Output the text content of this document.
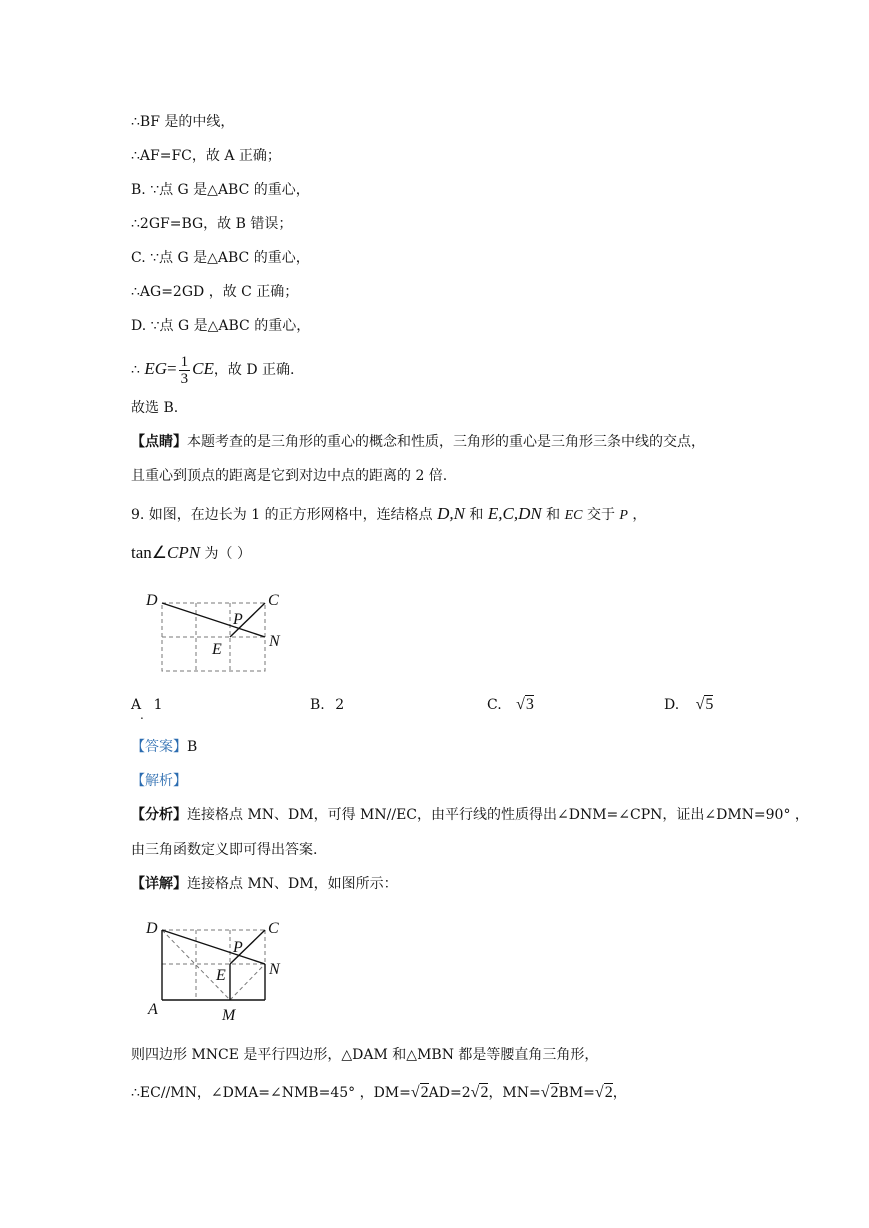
∴BF 是的中线，
∴AF=FC，故 A 正确；
B. ∵点 G 是△ABC 的重心，
∴2GF=BG，故 B 错误；
C. ∵点 G 是△ABC 的重心，
∴AG=2GD ，故 C 正确；
D. ∵点 G 是△ABC 的重心，
∴ $EG= \frac{1}{3}$ CE，故 D 正确.
故选 B.
【点睛】本题考查的是三角形的重心的概念和性质，三角形的重心是三角形三条中线的交点，
且重心到顶点的距离是它到对边中点的距离的 2 倍.
9. 如图，在边长为 1 的正方形网格中，连结格点 D,N 和 E,C,DN 和 EC 交于 P ，
tan∠CPN 为（ ）
D	C
P
N
E
A
.
1	B. 2	C. √3	D. √5
【答案】B
【解析】
【分析】连接格点 MN、DM，可得 MN//EC，由平行线的性质得出∠DNM=∠CPN，证出∠DMN=90° ，
由三角函数定义即可得出答案.
【详解】连接格点 MN、DM，如图所示：
D	C
P
N
E
A	M
则四边形 MNCE 是平行四边形，△DAM 和△MBN 都是等腰直角三角形，
∴EC//MN，∠DMA=∠NMB=45° ，DM=√2AD=2√2，MN=√2BM=√2，
